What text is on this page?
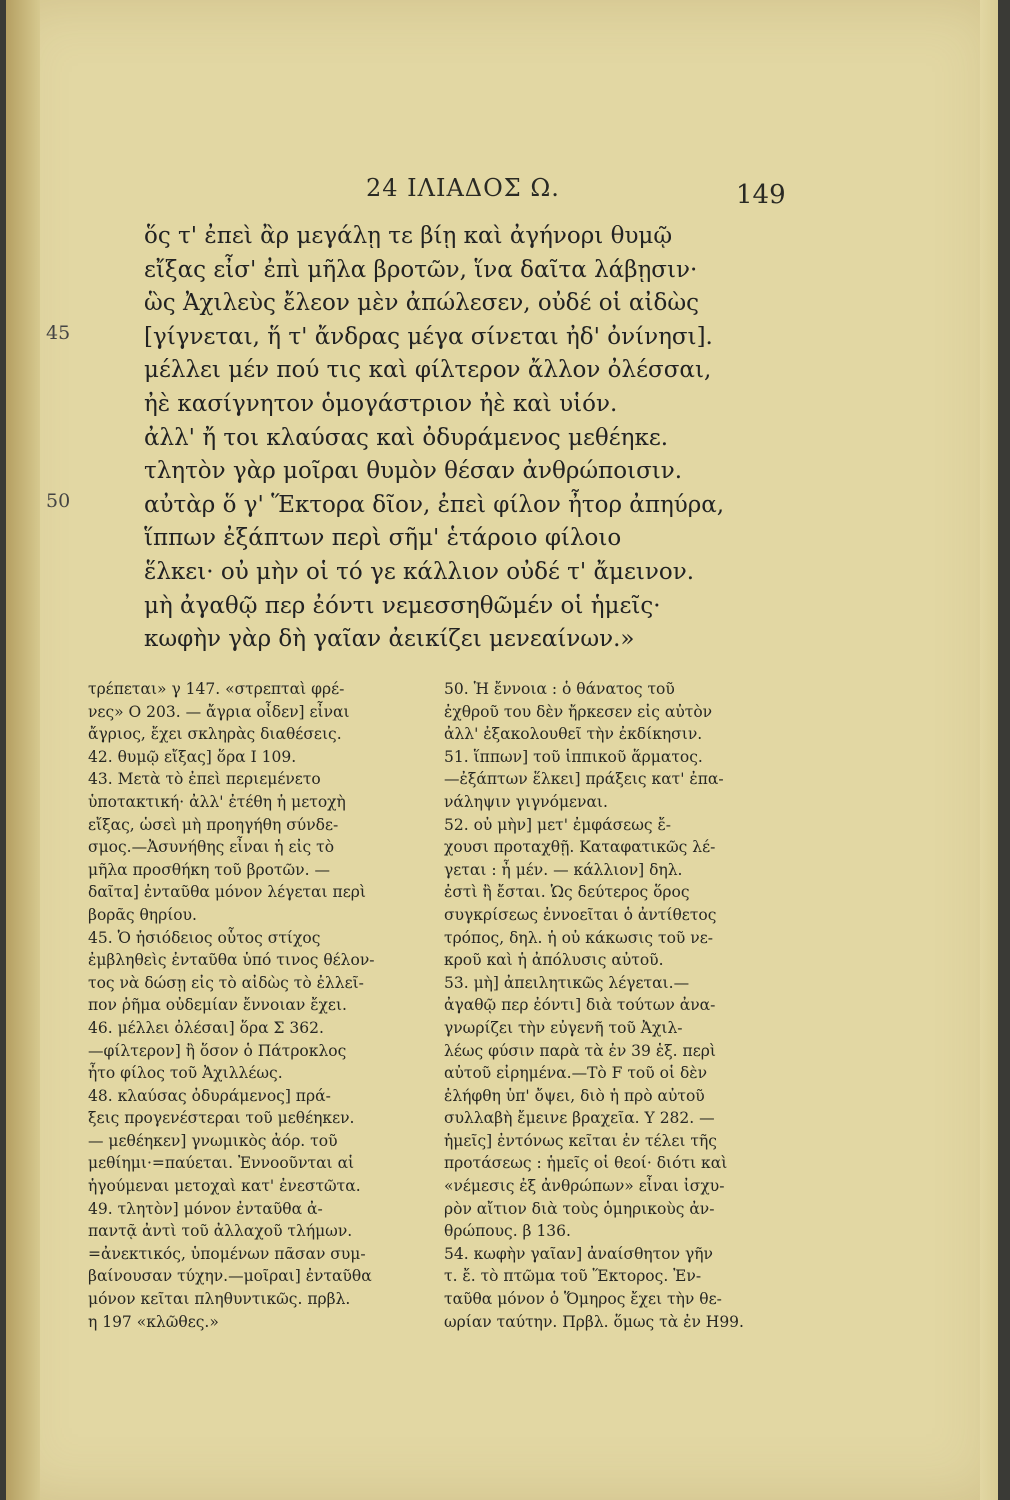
24 ΙΛΙΑΔΟΣ Ω.	149
ὅς τ' ἐπεὶ ἂρ μεγάλῃ τε βίῃ καὶ ἀγήνορι θυμῷ
εἴξας εἶσ' ἐπὶ μῆλα βροτῶν, ἵνα δαῖτα λάβῃσιν·
ὣς Ἀχιλεὺς ἔλεον μὲν ἀπώλεσεν, οὐδέ οἱ αἰδὼς
[γίγνεται, ἥ τ' ἄνδρας μέγα σίνεται ἠδ' ὀνίνησι].
μέλλει μέν πού τις καὶ φίλτερον ἄλλον ὀλέσσαι,
ἠὲ κασίγνητον ὁμογάστριον ἠὲ καὶ υἱόν.
ἀλλ' ἤ τοι κλαύσας καὶ ὀδυράμενος μεθέηκε.
τλητὸν γὰρ μοῖραι θυμὸν θέσαν ἀνθρώποισιν.
αὐτὰρ ὅ γ' Ἕκτορα δῖον, ἐπεὶ φίλον ἦτορ ἀπηύρα,
ἵππων ἐξάπτων περὶ σῆμ' ἑτάροιο φίλοιο
ἕλκει· οὐ μὴν οἱ τό γε κάλλιον οὐδέ τ' ἄμεινον.
μὴ ἀγαθῷ περ ἐόντι νεμεσσηθῶμέν οἱ ἡμεῖς·
κωφὴν γὰρ δὴ γαῖαν ἀεικίζει μενεαίνων.»
45
50
τρέπεται» γ 147. «στρεπταὶ φρέ-
νες» Ο 203. — ἄγρια οἶδεν] εἶναι
ἄγριος, ἔχει σκληρὰς διαθέσεις.
42. θυμῷ εἴξας] ὅρα Ι 109.
43. Μετὰ τὸ ἐπεὶ περιεμένετο
ὑποτακτική· ἀλλ' ἐτέθη ἡ μετοχὴ
εἴξας, ὡσεὶ μὴ προηγήθη σύνδε-
σμος.—Ἀσυνήθης εἶναι ἡ εἰς τὸ
μῆλα προσθήκη τοῦ βροτῶν. —
δαῖτα] ἐνταῦθα μόνον λέγεται περὶ
βορᾶς θηρίου.
45. Ὁ ἡσιόδειος οὗτος στίχος
ἐμβληθεὶς ἐνταῦθα ὑπό τινος θέλον-
τος νὰ δώσῃ εἰς τὸ αἰδὼς τὸ ἐλλεῖ-
πον ῥῆμα οὐδεμίαν ἔννοιαν ἔχει.
46. μέλλει ὀλέσαι] ὅρα Σ 362.
—φίλτερον] ἢ ὅσον ὁ Πάτροκλος
ἦτο φίλος τοῦ Ἀχιλλέως.
48. κλαύσας ὀδυράμενος] πρά-
ξεις προγενέστεραι τοῦ μεθέηκεν.
— μεθέηκεν] γνωμικὸς ἀόρ. τοῦ
μεθίημι·=παύεται. Ἐννοοῦνται αἱ
ἡγούμεναι μετοχαὶ κατ' ἐνεστῶτα.
49. τλητὸν] μόνον ἐνταῦθα ἀ-
παντᾷ ἀντὶ τοῦ ἀλλαχοῦ τλήμων.
=ἀνεκτικός, ὑπομένων πᾶσαν συμ-
βαίνουσαν τύχην.—μοῖραι] ἐνταῦθα
μόνον κεῖται πληθυντικῶς. πρβλ.
η 197 «κλῶθες.»
50. Ἡ ἔννοια : ὁ θάνατος τοῦ
ἐχθροῦ του δὲν ἤρκεσεν εἰς αὐτὸν
ἀλλ' ἐξακολουθεῖ τὴν ἐκδίκησιν.
51. ἵππων] τοῦ ἱππικοῦ ἅρματος.
—ἐξάπτων ἕλκει] πράξεις κατ' ἐπα-
νάληψιν γιγνόμεναι.
52. οὐ μὴν] μετ' ἐμφάσεως ἔ-
χουσι προταχθῇ. Καταφατικῶς λέ-
γεται : ἦ μέν. — κάλλιον] δηλ.
ἐστὶ ἢ ἔσται. Ὡς δεύτερος ὅρος
συγκρίσεως ἐννοεῖται ὁ ἀντίθετος
τρόπος, δηλ. ἡ οὐ κάκωσις τοῦ νε-
κροῦ καὶ ἡ ἀπόλυσις αὐτοῦ.
53. μὴ] ἀπειλητικῶς λέγεται.—
ἀγαθῷ περ ἐόντι] διὰ τούτων ἀνα-
γνωρίζει τὴν εὐγενῆ τοῦ Ἀχιλ-
λέως φύσιν παρὰ τὰ ἐν 39 ἑξ. περὶ
αὐτοῦ εἰρημένα.—Τὸ F τοῦ οἱ δὲν
ἐλήφθη ὑπ' ὄψει, διὸ ἡ πρὸ αὐτοῦ
συλλαβὴ ἔμεινε βραχεῖα. Υ 282. —
ἡμεῖς] ἐντόνως κεῖται ἐν τέλει τῆς
προτάσεως : ἡμεῖς οἱ θεοί· διότι καὶ
«νέμεσις ἐξ ἀνθρώπων» εἶναι ἰσχυ-
ρὸν αἴτιον διὰ τοὺς ὁμηρικοὺς ἀν-
θρώπους. β 136.
54. κωφὴν γαῖαν] ἀναίσθητον γῆν
τ. ἔ. τὸ πτῶμα τοῦ Ἕκτορος. Ἐν-
ταῦθα μόνον ὁ Ὅμηρος ἔχει τὴν θε-
ωρίαν ταύτην. Πρβλ. ὅμως τὰ ἐν Η99.
